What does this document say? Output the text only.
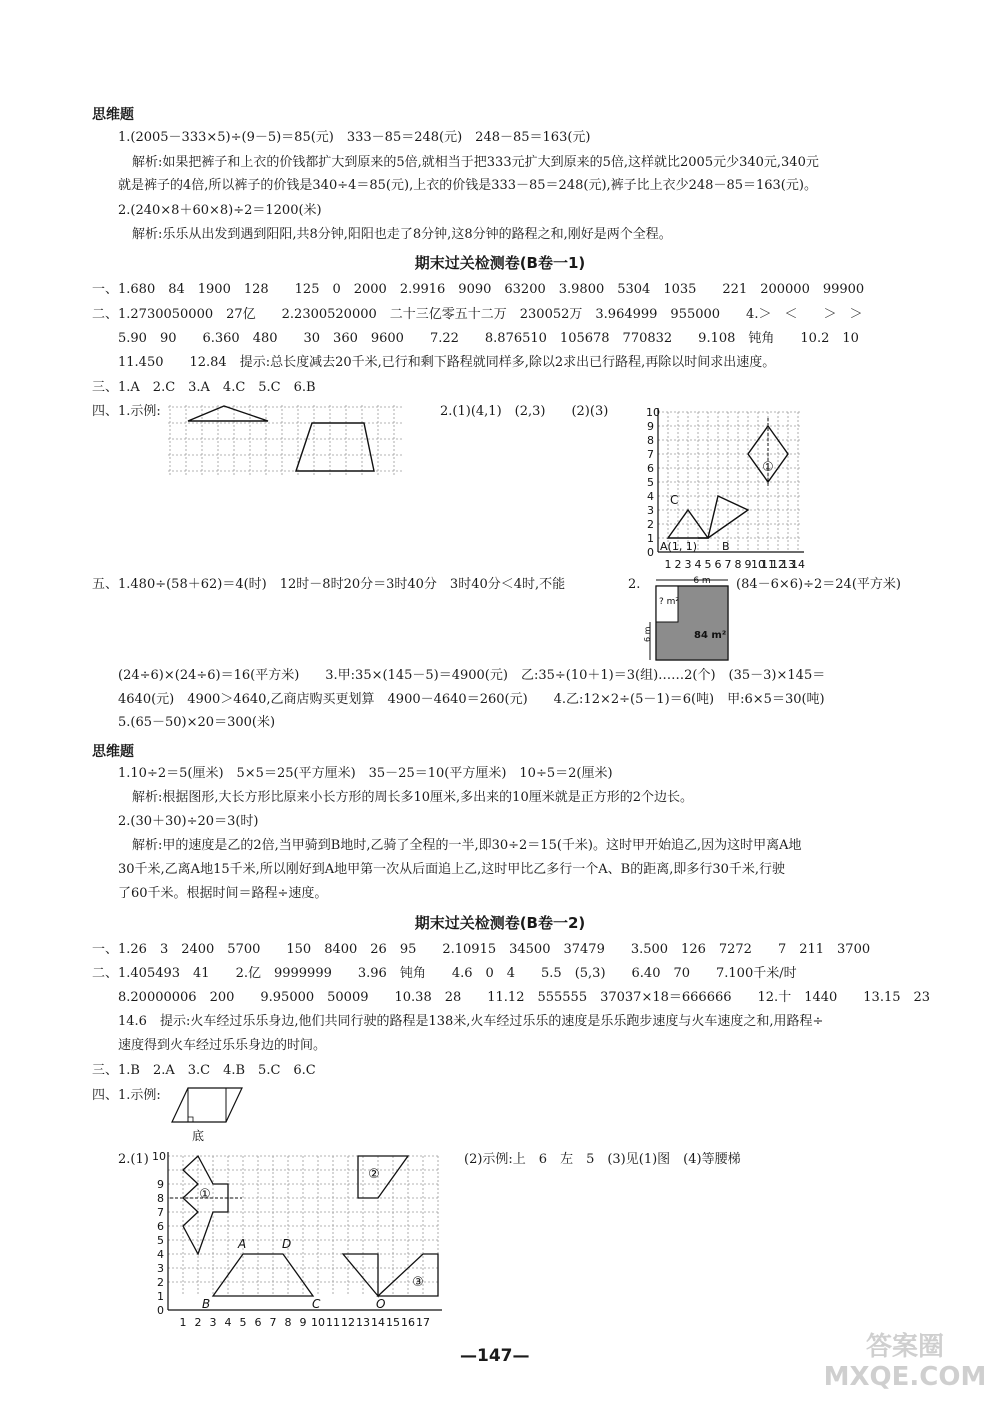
思维题
1.(2005－333×5)÷(9－5)＝85(元)　333－85＝248(元)　248－85＝163(元)
解析:如果把裤子和上衣的价钱都扩大到原来的5倍,就相当于把333元扩大到原来的5倍,这样就比2005元少340元,340元
就是裤子的4倍,所以裤子的价钱是340÷4＝85(元),上衣的价钱是333－85＝248(元),裤子比上衣少248－85＝163(元)。
2.(240×8＋60×8)÷2＝1200(米)
解析:乐乐从出发到遇到阳阳,共8分钟,阳阳也走了8分钟,这8分钟的路程之和,刚好是两个全程。
期末过关检测卷(B卷一1)
一、1.680　84　1900　128　　125　0　2000　2.9916　9090　63200　3.9800　5304　1035　　221　200000　99900
二、1.2730050000　27亿　　2.2300520000　二十三亿零五十二万　230052万　3.964999　955000　　4.＞　＜　　＞　＞
5.90　90　　6.360　480　　30　360　9600　　7.22　　8.876510　105678　770832　　9.108　钝角　　10.2　10
11.450　　12.84　提示:总长度减去20千米,已行和剩下路程就同样多,除以2求出已行路程,再除以时间求出速度。
三、1.A　2.C　3.A　4.C　5.C　6.B
四、1.示例:	2.(1)(4,1)　(2,3)　　(2)(3)
0
1
2
3
4
5
6
7
8
9
10
1 2 3 4 5 6 7 8 9 10
11
12
13
14
C
A(1, 1) B
①
五、1.480÷(58＋62)＝4(时)　12时－8时20分＝3时40分　3时40分＜4时,不能	2.	6 m
? m²
84 m²
6 m
(84－6×6)÷2＝24(平方米)
(24÷6)×(24÷6)＝16(平方米)　　3.甲:35×(145－5)＝4900(元)　乙:35÷(10＋1)＝3(组)……2(个)　(35－3)×145＝
4640(元)　4900＞4640,乙商店购买更划算　4900－4640＝260(元)　　4.乙:12×2÷(5－1)＝6(吨)　甲:6×5＝30(吨)
5.(65－50)×20＝300(米)
思维题
1.10÷2＝5(厘米)　5×5＝25(平方厘米)　35－25＝10(平方厘米)　10÷5＝2(厘米)
解析:根据图形,大长方形比原来小长方形的周长多10厘米,多出来的10厘米就是正方形的2个边长。
2.(30＋30)÷20＝3(时)
解析:甲的速度是乙的2倍,当甲骑到B地时,乙骑了全程的一半,即30÷2＝15(千米)。这时甲开始追乙,因为这时甲离A地
30千米,乙离A地15千米,所以刚好到A地甲第一次从后面追上乙,这时甲比乙多行一个A、B的距离,即多行30千米,行驶
了60千米。根据时间＝路程÷速度。
期末过关检测卷(B卷一2)
一、1.26　3　2400　5700　　150　8400　26　95　　2.10915　34500　37479　　3.500　126　7272　　7　211　3700
二、1.405493　41　　2.亿　9999999　　3.96　钝角　　4.6　0　4　　5.5　(5,3)　　6.40　70　　7.100千米/时
8.20000006　200　　9.95000　50009　　10.38　28　　11.12　555555　37037×18＝666666　　12.十　1440　　13.15　23
14.6　提示:火车经过乐乐身边,他们共同行驶的路程是138米,火车经过乐乐的速度是乐乐跑步速度与火车速度之和,用路程÷
速度得到火车经过乐乐身边的时间。
三、1.B　2.A　3.C　4.B　5.C　6.C
四、1.示例:
底
2.(1)
0
1
2
3
4
5
6
7
8
9
10
1 2 3 4 5 6 7 8 9 10 11 12 13 14 15 16 17
①
②
A	D
B	C
③
O
(2)示例:上　6　左　5　(3)见(1)图　(4)等腰梯
—147—	答案圈 MXQE.COM
